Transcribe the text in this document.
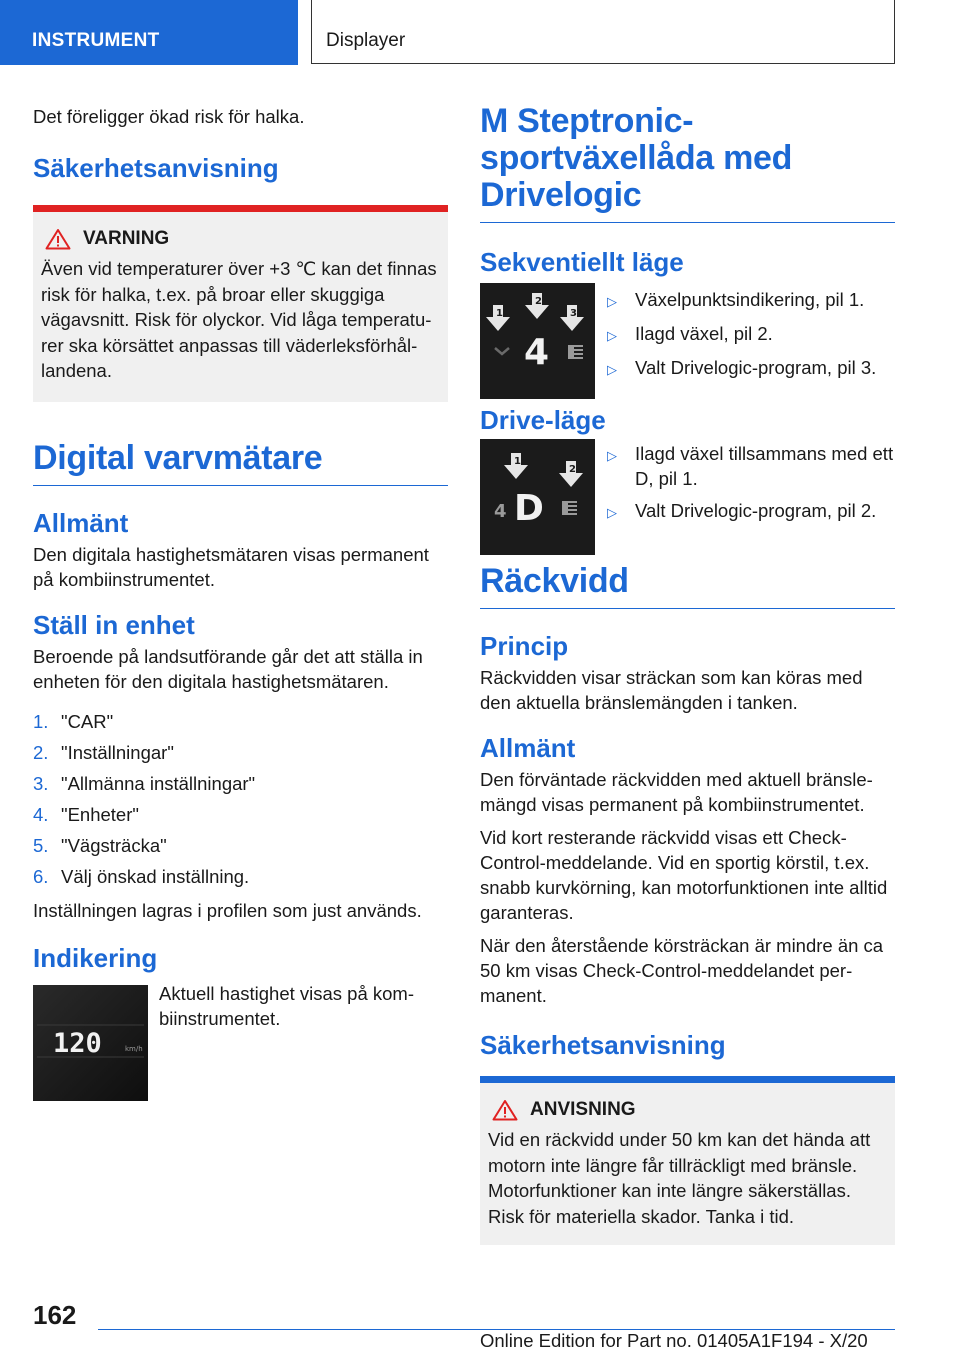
INSTRUMENT	Displayer

Det föreligger ökad risk för halka.

Säkerhetsanvisning
VARNING

Även vid temperaturer över +3 ℃ kan det finnas risk för halka, t.ex. på broar eller skuggiga vägavsnitt. Risk för olyckor. Vid låga temperaturer ska körsättet anpassas till väderleksförhållandena.

Digital varvmätare
Allmänt

Den digitala hastighetsmätaren visas permanent på kombiinstrumentet.

Ställ in enhet

Beroende på landsutförande går det att ställa in enheten för den digitala hastighetsmätaren.

1. "CAR"
2. "Inställningar"
3. "Allmänna inställningar"
4. "Enheter"
5. "Vägsträcka"
6. Välj önskad inställning.

Inställningen lagras i profilen som just används.

Indikering
120	km/h

Aktuell hastighet visas på kombiinstrumentet.

M Steptronic-sportväxellåda med Drivelogic
Sekventiellt läge
1
2
3
4
▷ Växelpunktsindikering, pil 1.
▷ Ilagd växel, pil 2.
▷ Valt Drivelogic-program, pil 3.
Drive-läge
1
2
4 D
▷ Ilagd växel tillsammans med ett D, pil 1.
▷ Valt Drivelogic-program, pil 2.
Räckvidd
Princip

Räckvidden visar sträckan som kan köras med den aktuella bränslemängden i tanken.

Allmänt

Den förväntade räckvidden med aktuell bränslemängd visas permanent på kombiinstrumentet.

Vid kort resterande räckvidd visas ett Check-Control-meddelande. Vid en sportig körstil, t.ex. snabb kurvkörning, kan motorfunktionen inte alltid garanteras.

När den återstående körsträckan är mindre än ca 50 km visas Check-Control-meddelandet permanent.

Säkerhetsanvisning
ANVISNING

Vid en räckvidd under 50 km kan det hända att motorn inte längre får tillräckligt med bränsle. Motorfunktioner kan inte längre säkerställas. Risk för materiella skador. Tanka i tid.

162
Online Edition for Part no. 01405A1F194 - X/20
